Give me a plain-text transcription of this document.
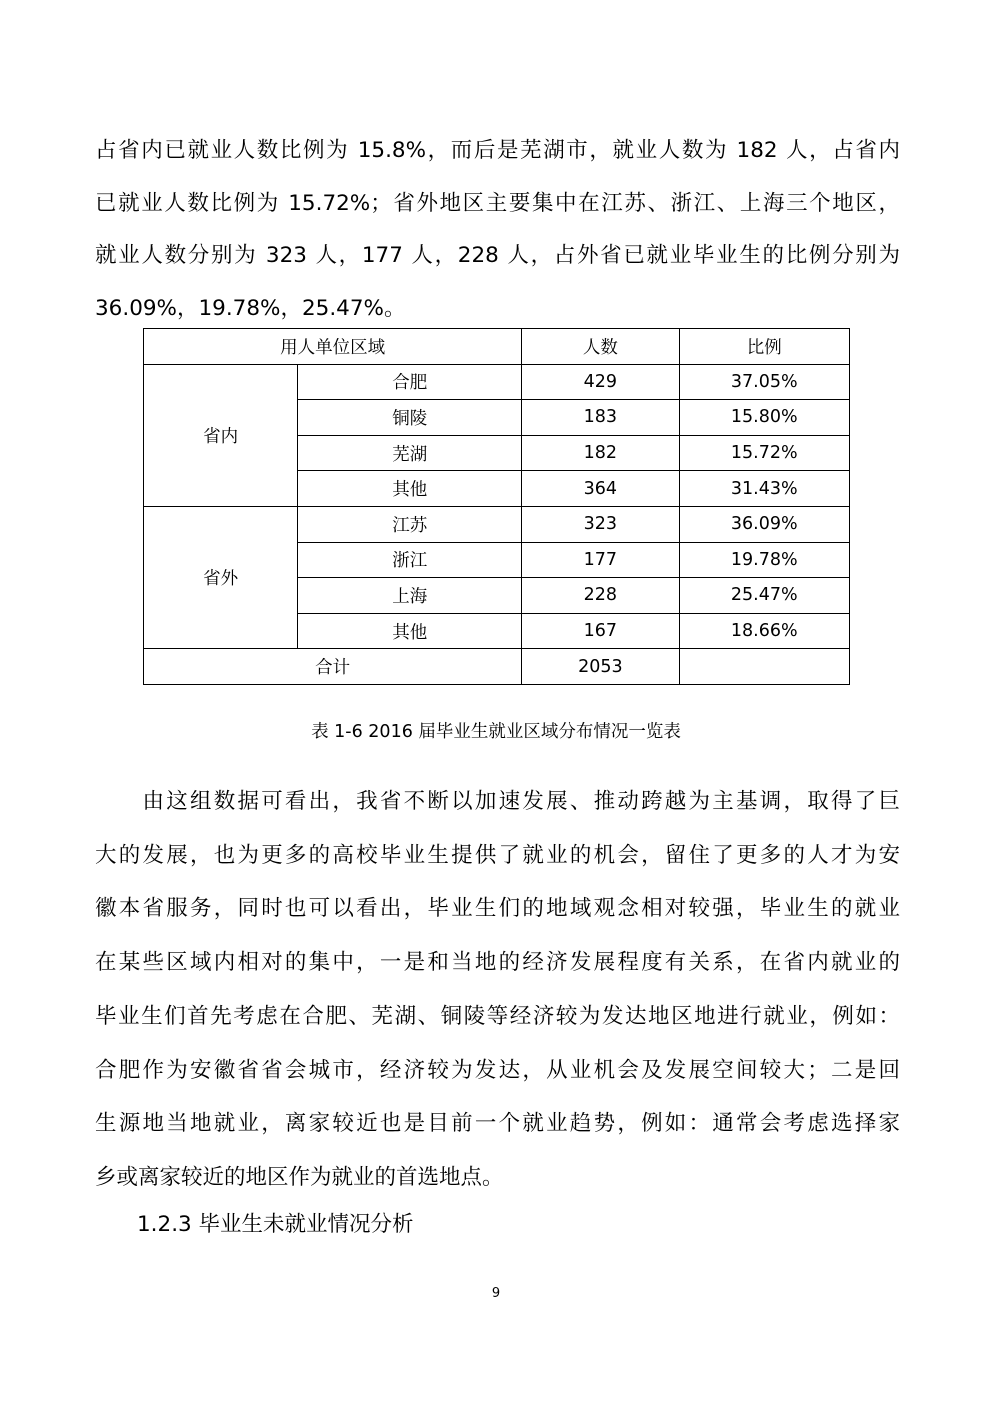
占省内已就业人数比例为 15.8%，而后是芜湖市，就业人数为 182 人，占省内
已就业人数比例为 15.72%；省外地区主要集中在江苏、浙江、上海三个地区，
就业人数分别为 323 人，177 人，228 人，占外省已就业毕业生的比例分别为
36.09%，19.78%，25.47%。

用人单位区域		人数	比例
省内	合肥	429	37.05%
	铜陵	183	15.80%
	芜湖	182	15.72%
	其他	364	31.43%
省外	江苏	323	36.09%
	浙江	177	19.78%
	上海	228	25.47%
	其他	167	18.66%
合计		2053	

表 1-6 2016 届毕业生就业区域分布情况一览表

　　由这组数据可看出，我省不断以加速发展、推动跨越为主基调，取得了巨
大的发展，也为更多的高校毕业生提供了就业的机会，留住了更多的人才为安
徽本省服务，同时也可以看出，毕业生们的地域观念相对较强，毕业生的就业
在某些区域内相对的集中，一是和当地的经济发展程度有关系，在省内就业的
毕业生们首先考虑在合肥、芜湖、铜陵等经济较为发达地区地进行就业，例如：
合肥作为安徽省省会城市，经济较为发达，从业机会及发展空间较大；二是回
生源地当地就业，离家较近也是目前一个就业趋势，例如：通常会考虑选择家
乡或离家较近的地区作为就业的首选地点。

1.2.3 毕业生未就业情况分析
9
